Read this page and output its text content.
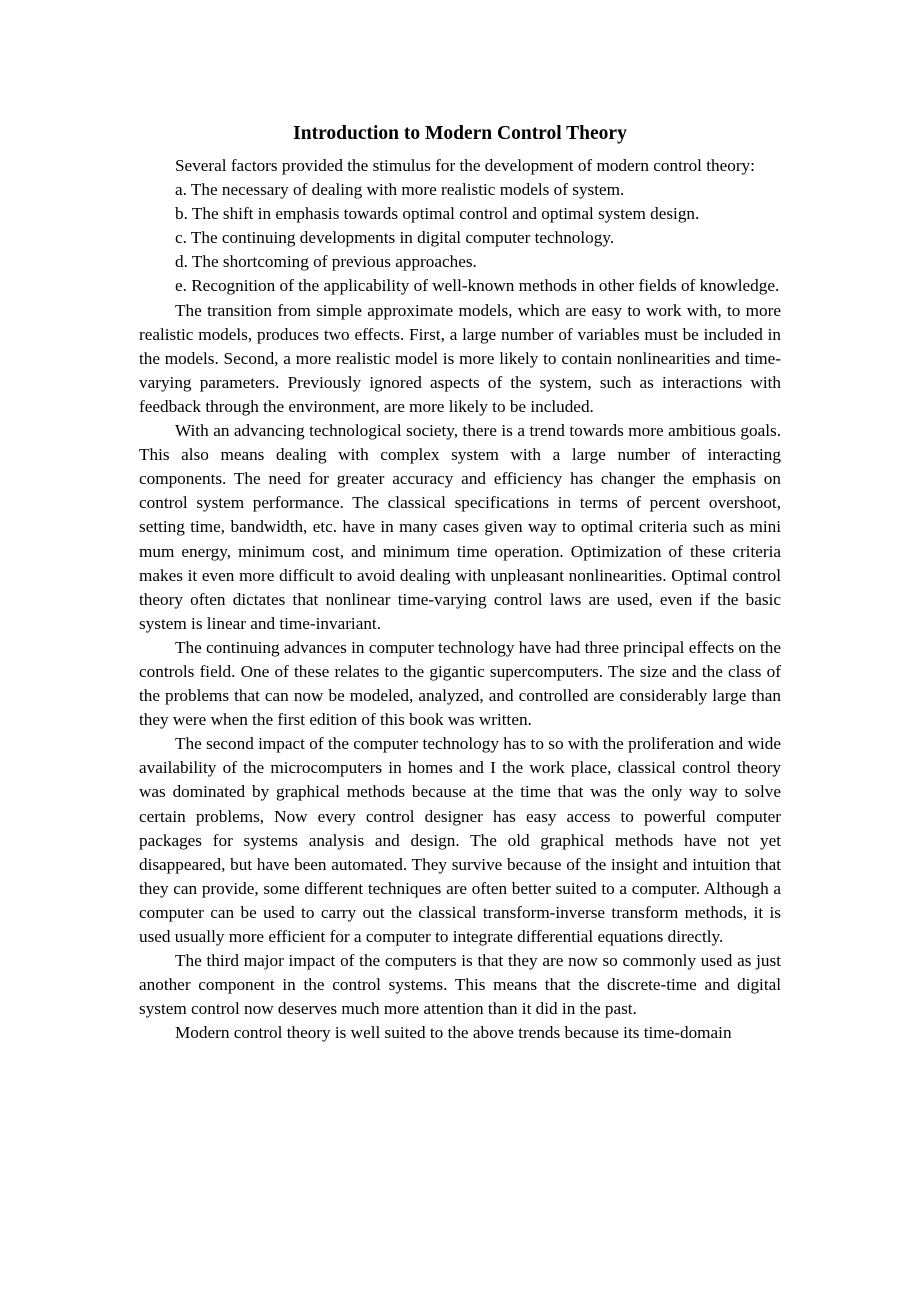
Introduction to Modern Control Theory

Several factors provided the stimulus for the development of modern control theory:

a. The necessary of dealing with more realistic models of system.

b. The shift in emphasis towards optimal control and optimal system design.

c. The continuing developments in digital computer technology.

d. The shortcoming of previous approaches.

e. Recognition of the applicability of well-known methods in other fields of knowledge.

The transition from simple approximate models, which are easy to work with, to more realistic models, produces two effects. First, a large number of variables must be included in the models. Second, a more realistic model is more likely to contain nonlinearities and time-varying parameters. Previously ignored aspects of the system, such as interactions with feedback through the environment, are more likely to be included.

With an advancing technological society, there is a trend towards more ambitious goals. This also means dealing with complex system with a large number of interacting components. The need for greater accuracy and efficiency has changer the emphasis on control system performance. The classical specifications in terms of percent overshoot, setting time, bandwidth, etc. have in many cases given way to optimal criteria such as mini mum energy, minimum cost, and minimum time operation. Optimization of these criteria makes it even more difficult to avoid dealing with unpleasant nonlinearities. Optimal control theory often dictates that nonlinear time-varying control laws are used, even if the basic system is linear and time-invariant.

The continuing advances in computer technology have had three principal effects on the controls field. One of these relates to the gigantic supercomputers. The size and the class of the problems that can now be modeled, analyzed, and controlled are considerably large than they were when the first edition of this book was written.

The second impact of the computer technology has to so with the proliferation and wide availability of the microcomputers in homes and I the work place, classical control theory was dominated by graphical methods because at the time that was the only way to solve certain problems, Now every control designer has easy access to powerful computer packages for systems analysis and design. The old graphical methods have not yet disappeared, but have been automated. They survive because of the insight and intuition that they can provide, some different techniques are often better suited to a computer. Although a computer can be used to carry out the classical transform-inverse transform methods, it is used usually more efficient for a computer to integrate differential equations directly.

The third major impact of the computers is that they are now so commonly used as just another component in the control systems. This means that the discrete-time and digital system control now deserves much more attention than it did in the past.

Modern control theory is well suited to the above trends because its time-domain
